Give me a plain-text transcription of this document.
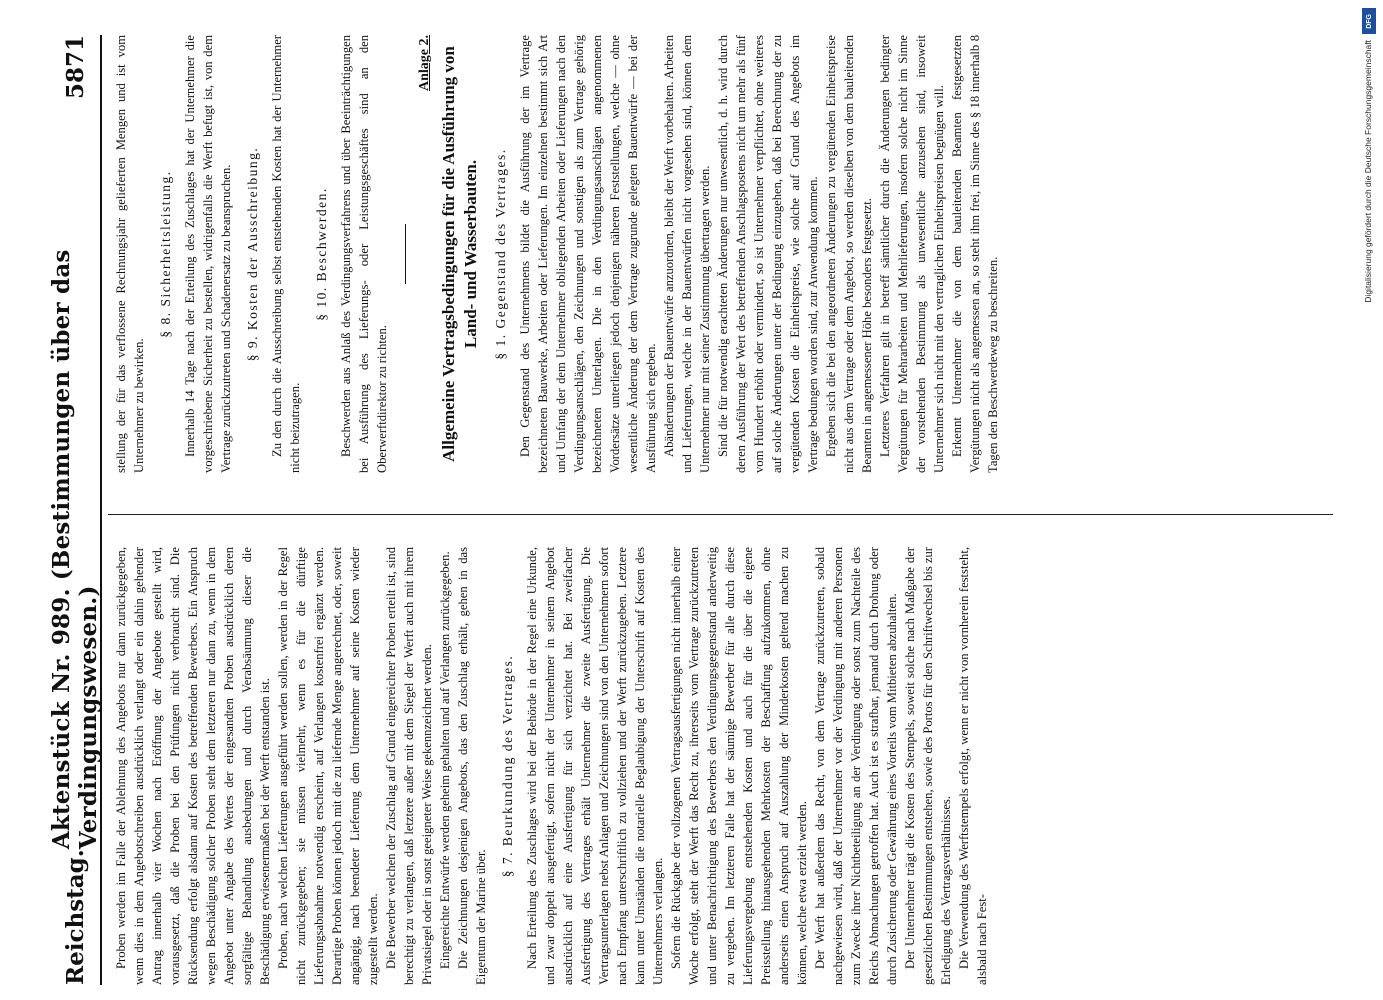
Reichstag.
Aktenstück Nr. 989. (Bestimmungen über das Verdingungswesen.)
5871

Proben werden im Falle der Ablehnung des Angebots nur dann zurückgegeben, wenn dies in dem Angebotschreiben ausdrücklich verlangt oder ein dahin gehender Antrag innerhalb vier Wochen nach Eröffnung der Angebote gestellt wird, vorausgesetzt, daß die Proben bei den Prüfungen nicht verbraucht sind. Die Rücksendung erfolgt alsdann auf Kosten des betreffenden Bewerbers. Ein Anspruch wegen Beschädigung solcher Proben steht dem letzteren nur dann zu, wenn in dem Angebot unter Angabe des Wertes der eingesandten Proben ausdrücklich deren sorgfältige Behandlung ausbedungen und durch Verabsäumung dieser die Beschädigung erwiesenermaßen bei der Werft entstanden ist. Proben, nach welchen Lieferungen ausgeführt werden sollen, werden in der Regel nicht zurückgegeben; sie müssen vielmehr, wenn es für die dürftige Lieferungsabnahme notwendig erscheint, auf Verlangen kostenfrei ergänzt werden. Derartige Proben können jedoch mit die zu liefernde Menge angerechnet, oder, soweit angängig, nach beendeter Lieferung dem Unternehmer auf seine Kosten wieder zugestellt werden. Die Bewerber welchen der Zuschlag auf Grund eingereichter Proben erteilt ist, sind berechtigt zu verlangen, daß letztere außer mit dem Siegel der Werft auch mit ihrem Privatsiegel oder in sonst geeigneter Weise gekennzeichnet werden. Eingereichte Entwürfe werden geheim gehalten und auf Verlangen zurückgegeben. Die Zeichnungen desjenigen Angebots, das den Zuschlag erhält, gehen in das Eigentum der Marine über.

§ 7. Beurkundung des Vertrages. Nach Erteilung des Zuschlages wird bei der Behörde in der Regel eine Urkunde, und zwar doppelt ausgefertigt, sofern nicht der Unternehmer in seinem Angebot ausdrücklich auf eine Ausfertigung für sich verzichtet hat. Bei zweifacher Ausfertigung des Vertrages erhält Unternehmer die zweite Ausfertigung. Die Vertragsunterlagen nebst Anlagen und Zeichnungen sind von den Unternehmern sofort nach Empfang unterschriftlich zu vollziehen und der Werft zurückzugeben. Letztere kann unter Umständen die notarielle Beglaubigung der Unterschrift auf Kosten des Unternehmers verlangen. Sofern die Rückgabe der vollzogenen Vertragsausfertigungen nicht innerhalb einer Woche erfolgt, steht der Werft das Recht zu, ihrerseits vom Vertrage zurückzutreten und unter Benachrichtigung des Bewerbers den Verdingungsgegenstand anderweitig zu vergeben. Im letzteren Falle hat der säumige Bewerber für alle durch diese Lieferungsvergebung entstehenden Kosten und auch für die über die eigene Preisstellung hinausgehenden Mehrkosten der Beschaffung aufzukommen, ohne anderseits einen Anspruch auf Auszahlung der Minderkosten geltend machen zu können, welche etwa erzielt werden. Der Werft hat außerdem das Recht, von dem Vertrage zurückzutreten, sobald nachgewiesen wird, daß der Unternehmer vor der Verdingung mit anderen Personen zum Zwecke ihrer Nichtbeteiligung an der Verdingung oder sonst zum Nachteile des Reichs Abmachungen getroffen hat. Auch ist es strafbar, jemand durch Drohung oder durch Zusicherung oder Gewährung eines Vorteils vom Mitbieten abzuhalten. Der Unternehmer trägt die Kosten des Stempels, soweit solche nach Maßgabe der gesetzlichen Bestimmungen entstehen, sowie des Portos für den Schriftwechsel bis zur Erledigung des Vertragsverhältnisses. Die Verwendung des Werftstempels erfolgt, wenn er nicht von vornherein feststeht, alsbald nach Fest-

stellung der für das verflossene Rechnungsjahr gelieferten Mengen und ist vom Unternehmer zu bewirken.

§ 8. Sicherheitsleistung. Innerhalb 14 Tage nach der Erteilung des Zuschlages hat der Unternehmer die vorgeschriebene Sicherheit zu bestellen, widrigenfalls die Werft befugt ist, von dem Vertrage zurückzutreten und Schadenersatz zu beanspruchen. § 9. Kosten der Ausschreibung. Zu den durch die Ausschreibung selbst entstehenden Kosten hat der Unternehmer nicht beizutragen.

§ 10. Beschwerden. Beschwerden aus Anlaß des Verdingungsverfahrens und über Beeinträchtigungen bei Ausführung des Lieferungs- oder Leistungsgeschäftes sind an den Oberwerftdirektor zu richten.

Anlage 2. Allgemeine Vertragsbedingungen für die Ausführung von Land- und Wasserbauten. § 1. Gegenstand des Vertrages. Den Gegenstand des Unternehmens bildet die Ausführung der im Vertrage bezeichneten Bauwerke, Arbeiten oder Lieferungen. Im einzelnen bestimmt sich Art und Umfang der dem Unternehmer obliegenden Arbeiten oder Lieferungen nach den Verdingungsanschlägen, den Zeichnungen und sonstigen als zum Vertrage gehörig bezeichneten Unterlagen. Die in den Verdingungsanschlägen angenommenen Vordersätze unterliegen jedoch denjenigen näheren Feststellungen, welche — ohne wesentliche Änderung der dem Vertrage zugrunde gelegten Bauentwürfe — bei der Ausführung sich ergeben. Abänderungen der Bauentwürfe anzuordnen, bleibt der Werft vorbehalten. Arbeiten und Lieferungen, welche in der Bauentwürfen nicht vorgesehen sind, können dem Unternehmer nur mit seiner Zustimmung übertragen werden. Sind die für notwendig erachteten Änderungen nur unwesentlich, d. h. wird durch deren Ausführung der Wert des betreffenden Anschlagspostens nicht um mehr als fünf vom Hundert erhöht oder vermindert, so ist Unternehmer verpflichtet, ohne weiteres auf solche Änderungen unter der Bedingung einzugehen, daß bei Berechnung der zu vergütenden Kosten die Einheitspreise, wie solche auf Grund des Angebots im Vertrage bedungen worden sind, zur Anwendung kommen. Ergeben sich die bei den angeordneten Änderungen zu vergütenden Einheitspreise nicht aus dem Vertrage oder dem Angebot, so werden dieselben von dem bauleitenden Beamten in angemessener Höhe besonders festgesetzt. Letzteres Verfahren gilt in betreff sämtlicher durch die Änderungen bedingter Vergütungen für Mehrarbeiten und Mehrlieferungen, insofern solche nicht im Sinne der vorstehenden Bestimmung als unwesentliche anzusehen sind, insoweit Unternehmer sich nicht mit den vertraglichen Einheitspreisen begnügen will. Erkennt Unternehmer die von dem bauleitenden Beamten festgesetzten Vergütungen nicht als angemessen an, so steht ihm frei, im Sinne des § 18 innerhalb 8 Tagen den Beschwerdeweg zu beschreiten.

DFG
Digitalisierung gefördert durch die Deutsche Forschungsgemeinschaft
